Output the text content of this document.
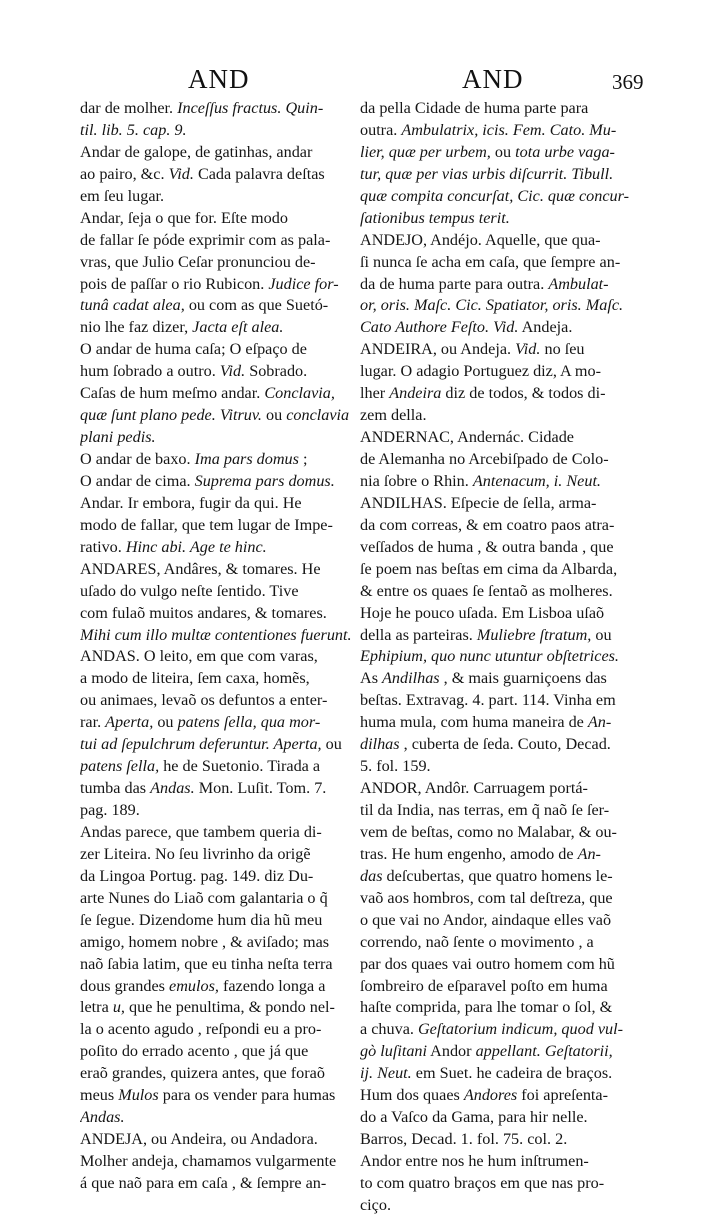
AND	AND	369
dar de molher. Inceſſus fractus. Quin-
til. lib. 5. cap. 9.
Andar de galope, de gatinhas, andar
ao pairo, &c. Vid. Cada palavra deſtas
em ſeu lugar.
Andar, ſeja o que for. Eſte modo
de fallar ſe póde exprimir com as pala-
vras, que Julio Ceſar pronunciou de-
pois de paſſar o rio Rubicon. Judice for-
tunâ cadat alea, ou com as que Suetó-
nio lhe faz dizer, Jacta eſt alea.
O andar de huma caſa; O eſpaço de
hum ſobrado a outro. Vid. Sobrado.
Caſas de hum meſmo andar. Conclavia,
quæ ſunt plano pede. Vitruv. ou conclavia
plani pedis.
O andar de baxo. Ima pars domus ;
O andar de cima. Suprema pars domus.
Andar. Ir embora, fugir da qui. He
modo de fallar, que tem lugar de Impe-
rativo. Hinc abi. Age te hinc.
ANDARES, Andâres, & tomares. He
uſado do vulgo neſte ſentido. Tive
com fulaõ muitos andares, & tomares.
Mihi cum illo multæ contentiones fuerunt.
ANDAS. O leito, em que com varas,
a modo de liteira, ſem caxa, homẽs,
ou animaes, levaõ os defuntos a enter-
rar. Aperta, ou patens ſella, qua mor-
tui ad ſepulchrum deferuntur. Aperta, ou
patens ſella, he de Suetonio. Tirada a
tumba das Andas. Mon. Luſit. Tom. 7.
pag. 189.
Andas parece, que tambem queria di-
zer Liteira. No ſeu livrinho da origẽ
da Lingoa Portug. pag. 149. diz Du-
arte Nunes do Liaõ com galantaria o q̃
ſe ſegue. Dizendome hum dia hũ meu
amigo, homem nobre , & aviſado; mas
naõ ſabia latim, que eu tinha neſta terra
dous grandes emulos, fazendo longa a
letra u, que he penultima, & pondo nel-
la o acento agudo , reſpondi eu a pro-
poſito do errado acento , que já que
eraõ grandes, quizera antes, que foraõ
meus Mulos para os vender para humas
Andas.
ANDEJA, ou Andeira, ou Andadora.
Molher andeja, chamamos vulgarmente
á que naõ para em caſa , & ſempre an-
da pella Cidade de huma parte para
outra. Ambulatrix, icis. Fem. Cato. Mu-
lier, quæ per urbem, ou tota urbe vaga-
tur, quæ per vias urbis diſcurrit. Tibull.
quæ compita concurſat, Cic. quæ concur-
ſationibus tempus terit.
ANDEJO, Andéjo. Aquelle, que qua-
ſi nunca ſe acha em caſa, que ſempre an-
da de huma parte para outra. Ambulat-
or, oris. Maſc. Cic. Spatiator, oris. Maſc.
Cato Authore Feſto. Vid. Andeja.
ANDEIRA, ou Andeja. Vid. no ſeu
lugar. O adagio Portuguez diz, A mo-
lher Andeira diz de todos, & todos di-
zem della.
ANDERNAC, Andernác. Cidade
de Alemanha no Arcebiſpado de Colo-
nia ſobre o Rhin. Antenacum, i. Neut.
ANDILHAS. Eſpecie de ſella, arma-
da com correas, & em coatro paos atra-
veſſados de huma , & outra banda , que
ſe poem nas beſtas em cima da Albarda,
& entre os quaes ſe ſentaõ as molheres.
Hoje he pouco uſada. Em Lisboa uſaõ
della as parteiras. Muliebre ſtratum, ou
Ephipium, quo nunc utuntur obſtetrices.
As Andilhas , & mais guarniçoens das
beſtas. Extravag. 4. part. 114. Vinha em
huma mula, com huma maneira de An-
dilhas , cuberta de ſeda. Couto, Decad.
5. fol. 159.
ANDOR, Andôr. Carruagem portá-
til da India, nas terras, em q̃ naõ ſe ſer-
vem de beſtas, como no Malabar, & ou-
tras. He hum engenho, amodo de An-
das deſcubertas, que quatro homens le-
vaõ aos hombros, com tal deſtreza, que
o que vai no Andor, aindaque elles vaõ
correndo, naõ ſente o movimento , a
par dos quaes vai outro homem com hũ
ſombreiro de eſparavel poſto em huma
haſte comprida, para lhe tomar o ſol, &
a chuva. Geſtatorium indicum, quod vul-
gò luſitani Andor appellant. Geſtatorii,
ij. Neut. em Suet. he cadeira de braços.
Hum dos quaes Andores foi apreſenta-
do a Vaſco da Gama, para hir nelle.
Barros, Decad. 1. fol. 75. col. 2.
Andor entre nos he hum inſtrumen-
to com quatro braços em que nas pro-
ciço.
